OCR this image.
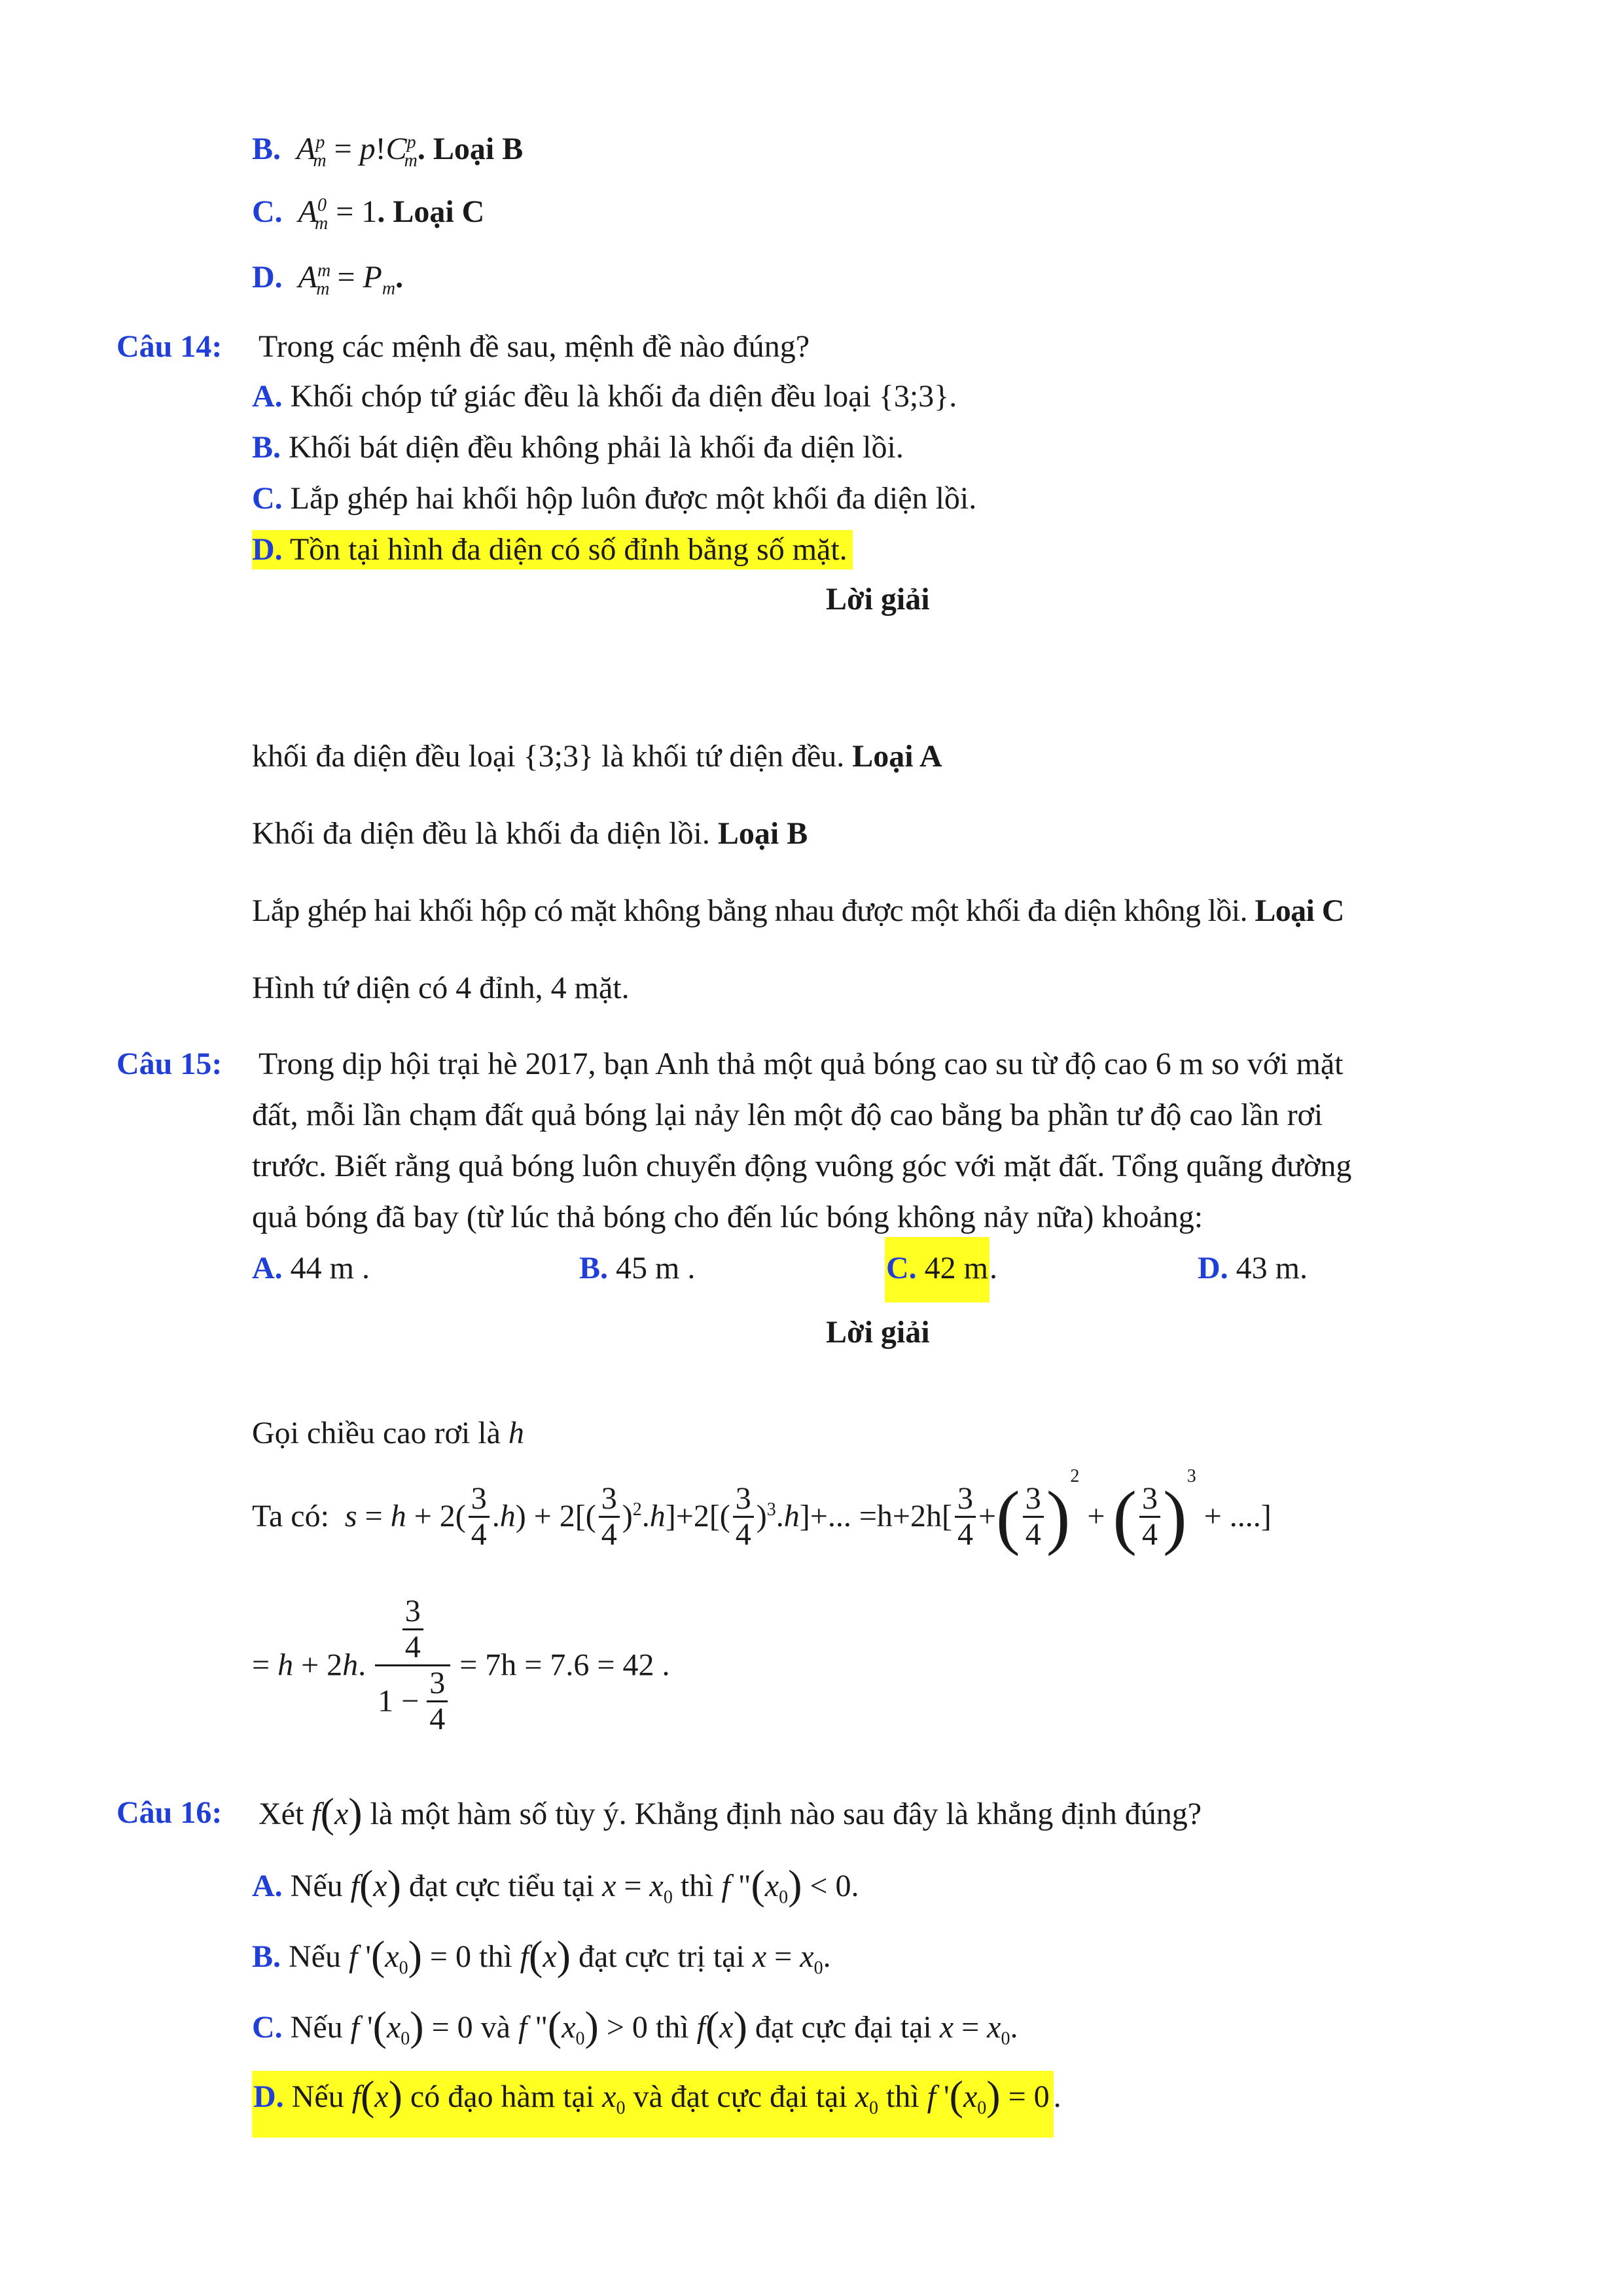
B.  $A^p_m = p!C^p_m$. Loại B
C.  $A^0_m = 1$. Loại C
D.  $A^m_m = P_m$.
Câu 14: Trong các mệnh đề sau, mệnh đề nào đúng?
A. Khối chóp tứ giác đều là khối đa diện đều loại {3;3}.
B. Khối bát diện đều không phải là khối đa diện lồi.
C. Lắp ghép hai khối hộp luôn được một khối đa diện lồi.
D. Tồn tại hình đa diện có số đỉnh bằng số mặt.
Lời giải
khối đa diện đều loại {3;3} là khối tứ diện đều. Loại A
Khối đa diện đều là khối đa diện lồi. Loại B
Lắp ghép hai khối hộp có mặt không bằng nhau được một khối đa diện không lồi. Loại C
Hình tứ diện có 4 đỉnh, 4 mặt.
Câu 15: Trong dịp hội trại hè 2017, bạn Anh thả một quả bóng cao su từ độ cao 6 m so với mặt
đất, mỗi lần chạm đất quả bóng lại nảy lên một độ cao bằng ba phần tư độ cao lần rơi
trước. Biết rằng quả bóng luôn chuyển động vuông góc với mặt đất. Tổng quãng đường
quả bóng đã bay (từ lúc thả bóng cho đến lúc bóng không nảy nữa) khoảng:
A. 44 m .	B. 45 m .	C. 42 m.	D. 43 m.
Lời giải
Gọi chiều cao rơi là h
Ta có: $s = h + 2( \frac{3}{4} .h) + 2[( \frac{3}{4} )^2.h]+2[( \frac{3}{4} )^3.h]+$... $=h+2h[ \frac{3}{4}$ +( $\frac{3}{4} )^2$ + ( $\frac{3}{4} )^3$ + ....]
= h + 2h. $\frac{\frac{3}{4}}{1 - \frac{3}{4}} = 7h = 7.6 = 42$ .
Câu 16: Xét f(x) là một hàm số tùy ý. Khẳng định nào sau đây là khẳng định đúng?
A. Nếu f(x) đạt cực tiểu tại $x = x_0$ thì f "$(x_0) < 0$.
B. Nếu f '$(x_0) = 0$ thì f(x) đạt cực trị tại $x = x_0$.
C. Nếu f '$(x_0) = 0$ và f "$(x_0) > 0$ thì f(x) đạt cực đại tại $x = x_0$.
D. Nếu f(x) có đạo hàm tại $x_0$ và đạt cực đại tại $x_0$ thì f '$(x_0) = 0$.
